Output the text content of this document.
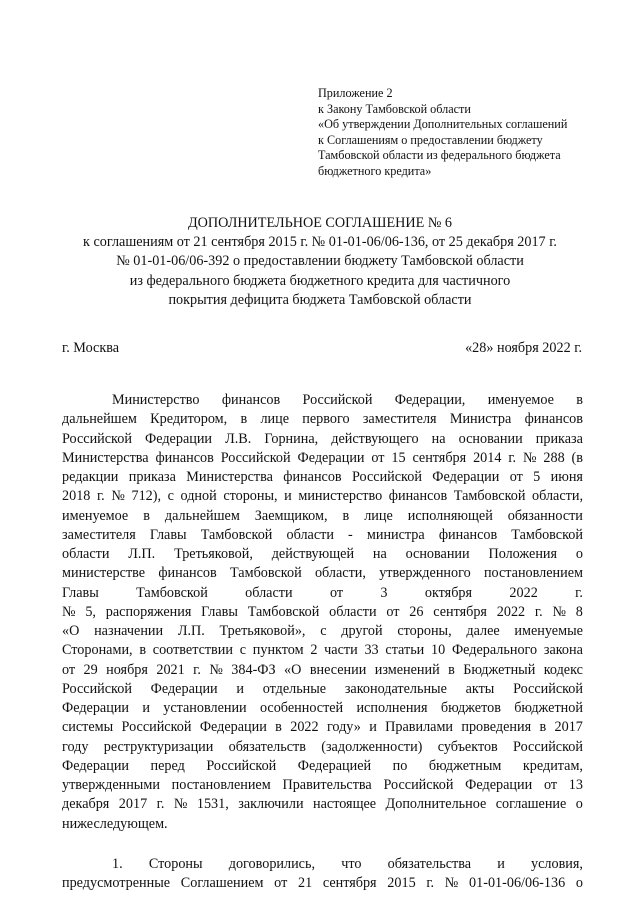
Приложение 2
к Закону Тамбовской области
«Об утверждении Дополнительных соглашений
к Соглашениям о предоставлении бюджету
Тамбовской области из федерального бюджета
бюджетного кредита»
ДОПОЛНИТЕЛЬНОЕ СОГЛАШЕНИЕ № 6
к соглашениям от 21 сентября 2015 г. № 01-01-06/06-136, от 25 декабря 2017 г.
№ 01-01-06/06-392 о предоставлении бюджету Тамбовской области
из федерального бюджета бюджетного кредита для частичного
покрытия дефицита бюджета Тамбовской области
г. Москва	«28» ноября 2022 г.
Министерство финансов Российской Федерации, именуемое в
дальнейшем Кредитором, в лице первого заместителя Министра финансов
Российской Федерации Л.В. Горнина, действующего на основании приказа
Министерства финансов Российской Федерации от 15 сентября 2014 г. № 288 (в
редакции приказа Министерства финансов Российской Федерации от 5 июня
2018 г. № 712), с одной стороны, и министерство финансов Тамбовской области,
именуемое в дальнейшем Заемщиком, в лице исполняющей обязанности
заместителя Главы Тамбовской области - министра финансов Тамбовской
области Л.П. Третьяковой, действующей на основании Положения о
министерстве финансов Тамбовской области, утвержденного постановлением
Главы	Тамбовской	области	от	3	октября	2022	г.
№ 5, распоряжения Главы Тамбовской области от 26 сентября 2022 г. № 8
«О назначении Л.П. Третьяковой», с другой стороны, далее именуемые
Сторонами, в соответствии с пунктом 2 части 33 статьи 10 Федерального закона
от 29 ноября 2021 г. № 384-ФЗ «О внесении изменений в Бюджетный кодекс
Российской Федерации и отдельные законодательные акты Российской
Федерации и установлении особенностей исполнения бюджетов бюджетной
системы Российской Федерации в 2022 году» и Правилами проведения в 2017
году реструктуризации обязательств (задолженности) субъектов Российской
Федерации перед Российской Федерацией по бюджетным кредитам,
утвержденными постановлением Правительства Российской Федерации от 13
декабря 2017 г. № 1531, заключили настоящее Дополнительное соглашение о
нижеследующем.
1. Стороны договорились, что обязательства и условия,
предусмотренные Соглашением от 21 сентября 2015 г. № 01-01-06/06-136 о
